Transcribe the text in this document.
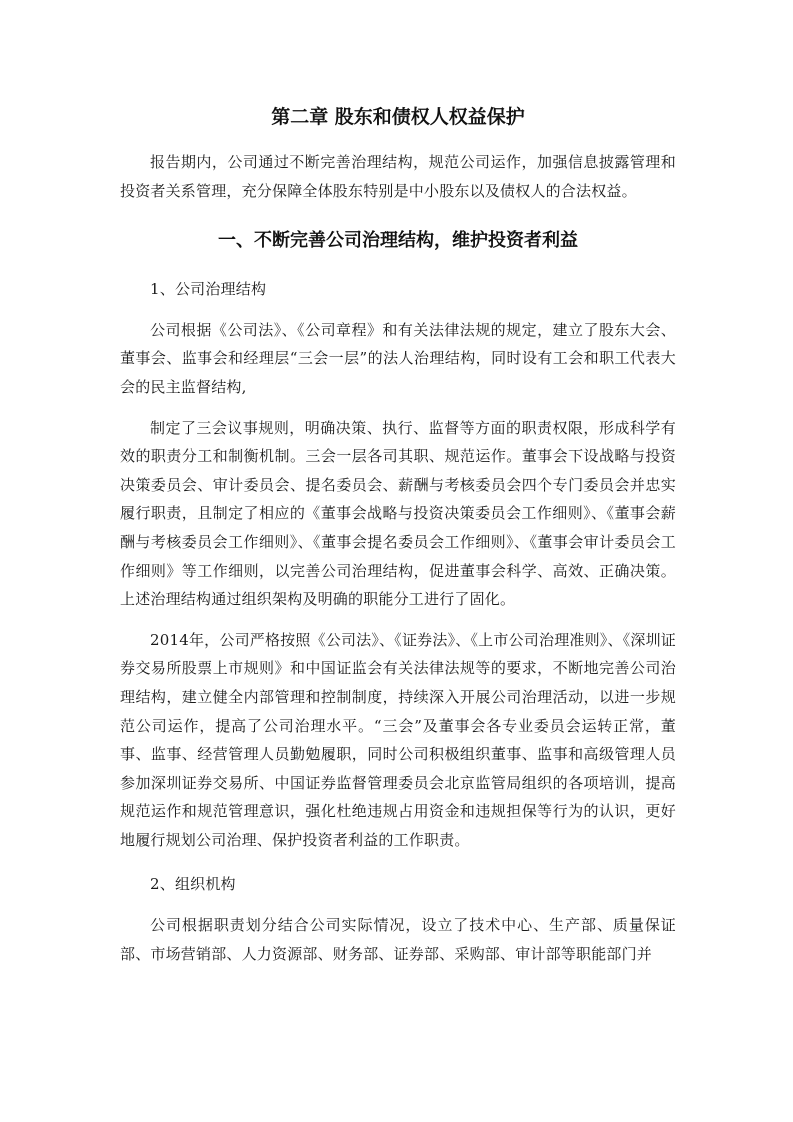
第二章 股东和债权人权益保护

报告期内，公司通过不断完善治理结构，规范公司运作，加强信息披露管理和投资者关系管理，充分保障全体股东特别是中小股东以及债权人的合法权益。

一、不断完善公司治理结构，维护投资者利益

1、公司治理结构

公司根据《公司法》、《公司章程》和有关法律法规的规定，建立了股东大会、董事会、监事会和经理层“三会一层”的法人治理结构，同时设有工会和职工代表大会的民主监督结构,

制定了三会议事规则，明确决策、执行、监督等方面的职责权限，形成科学有效的职责分工和制衡机制。三会一层各司其职、规范运作。董事会下设战略与投资决策委员会、审计委员会、提名委员会、薪酬与考核委员会四个专门委员会并忠实履行职责，且制定了相应的《董事会战略与投资决策委员会工作细则》、《董事会薪酬与考核委员会工作细则》、《董事会提名委员会工作细则》、《董事会审计委员会工作细则》等工作细则，以完善公司治理结构，促进董事会科学、高效、正确决策。上述治理结构通过组织架构及明确的职能分工进行了固化。

2014年，公司严格按照《公司法》、《证券法》、《上市公司治理准则》、《深圳证券交易所股票上市规则》和中国证监会有关法律法规等的要求，不断地完善公司治理结构，建立健全内部管理和控制制度，持续深入开展公司治理活动，以进一步规范公司运作，提高了公司治理水平。“三会”及董事会各专业委员会运转正常，董事、监事、经营管理人员勤勉履职，同时公司积极组织董事、监事和高级管理人员参加深圳证券交易所、中国证券监督管理委员会北京监管局组织的各项培训，提高规范运作和规范管理意识，强化杜绝违规占用资金和违规担保等行为的认识，更好地履行规划公司治理、保护投资者利益的工作职责。

2、组织机构

公司根据职责划分结合公司实际情况，设立了技术中心、生产部、质量保证部、市场营销部、人力资源部、财务部、证券部、采购部、审计部等职能部门并
